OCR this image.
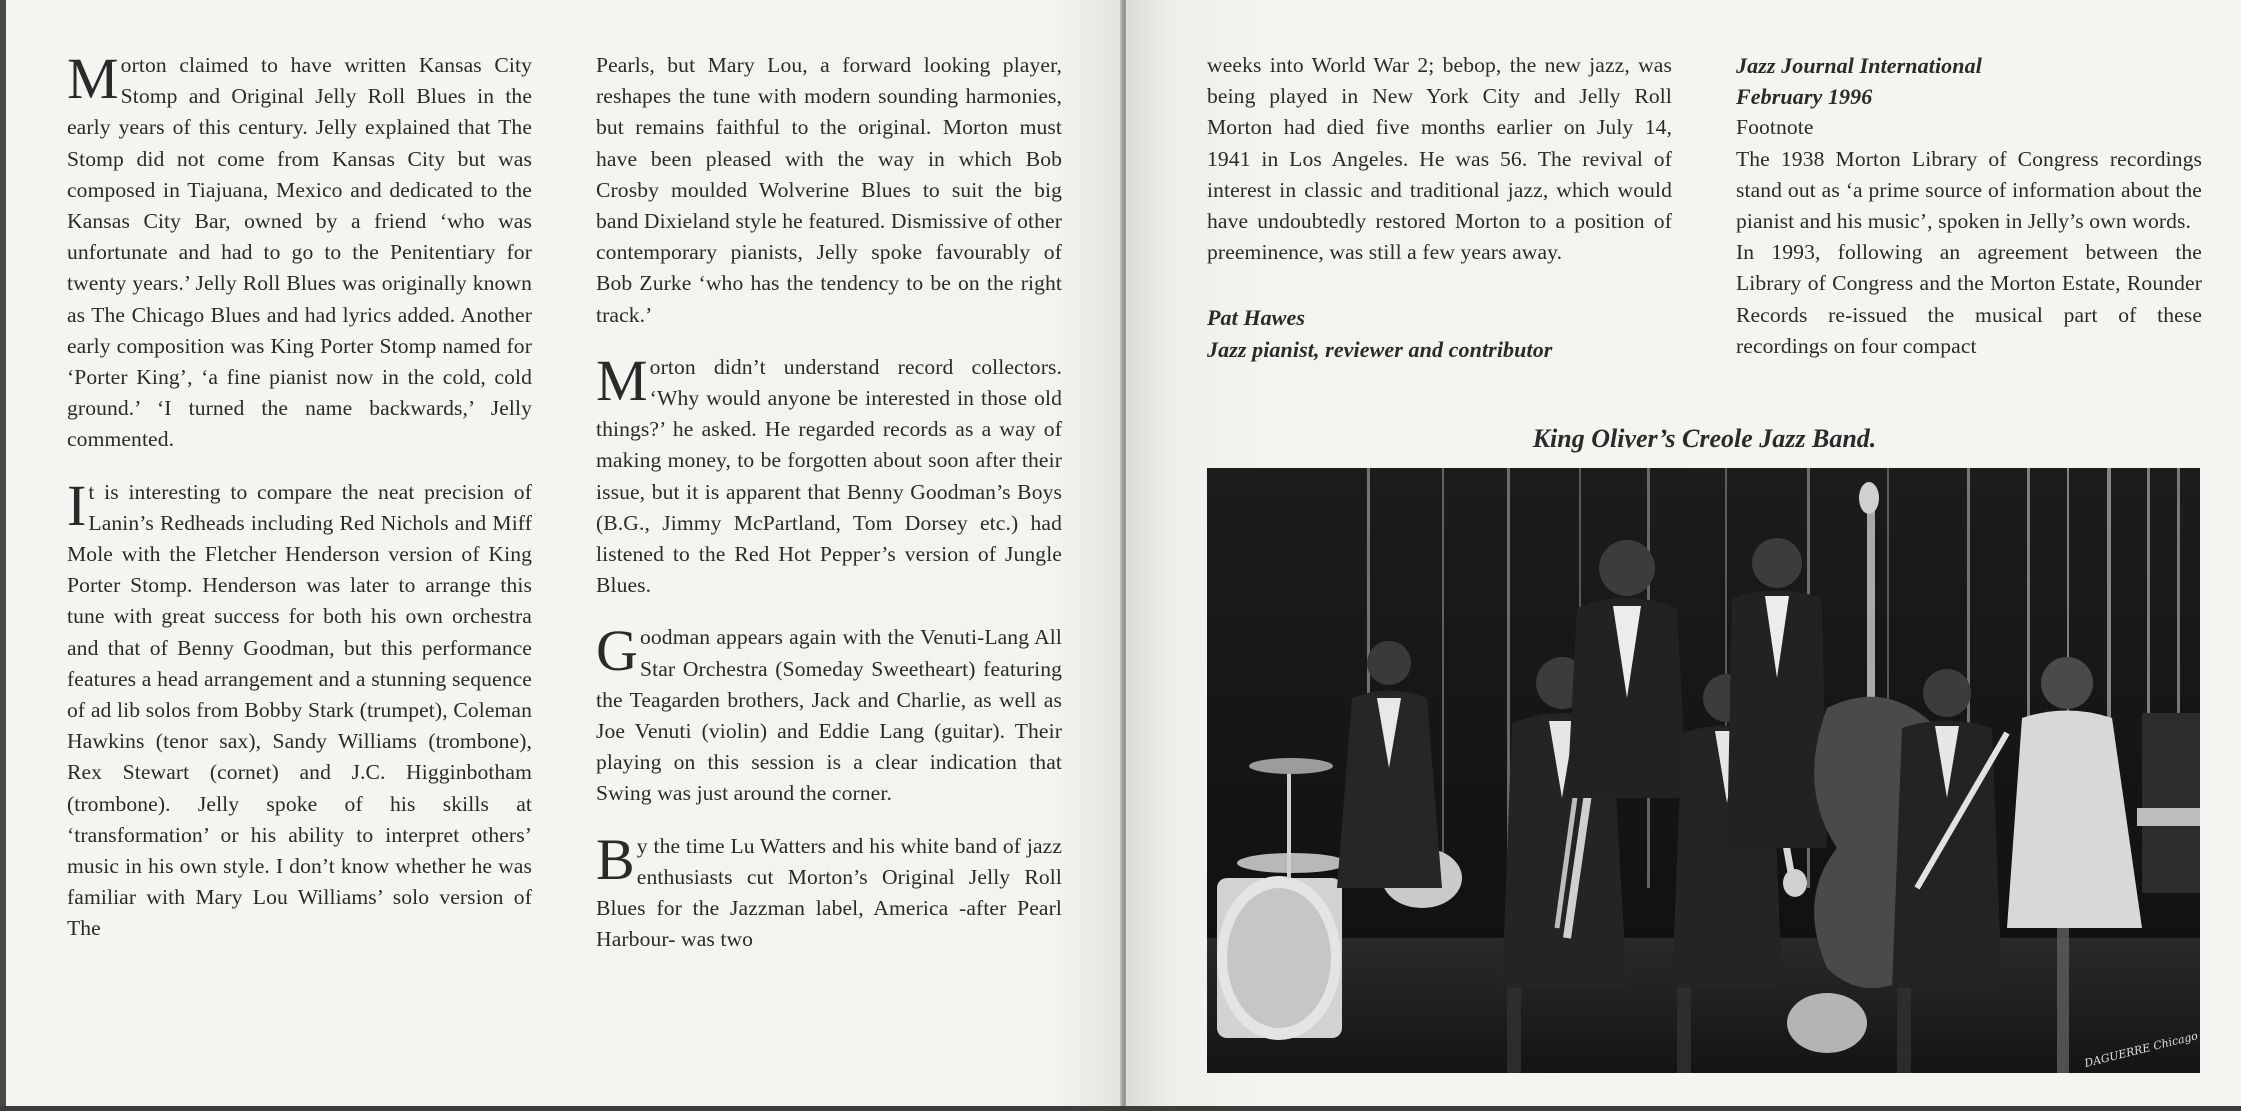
Morton claimed to have written Kansas City Stomp and Original Jelly Roll Blues in the early years of this century. Jelly explained that The Stomp did not come from Kansas City but was composed in Tiajuana, Mexico and dedicated to the Kansas City Bar, owned by a friend ‘who was unfortunate and had to go to the Penitentiary for twenty years.’ Jelly Roll Blues was originally known as The Chicago Blues and had lyrics added. Another early composition was King Porter Stomp named for ‘Porter King’, ‘a fine pianist now in the cold, cold ground.’ ‘I turned the name backwards,’ Jelly commented.

It is interesting to compare the neat precision of Lanin’s Redheads including Red Nichols and Miff Mole with the Fletcher Henderson version of King Porter Stomp. Henderson was later to arrange this tune with great success for both his own orchestra and that of Benny Goodman, but this performance features a head arrangement and a stunning sequence of ad lib solos from Bobby Stark (trumpet), Coleman Hawkins (tenor sax), Sandy Williams (trombone), Rex Stewart (cornet) and J.C. Higginbotham (trombone). Jelly spoke of his skills at ‘transformation’ or his ability to interpret others’ music in his own style. I don’t know whether he was familiar with Mary Lou Williams’ solo version of The

Pearls, but Mary Lou, a forward looking player, reshapes the tune with modern sounding harmonies, but remains faithful to the original. Morton must have been pleased with the way in which Bob Crosby moulded Wolverine Blues to suit the big band Dixieland style he featured. Dismissive of other contemporary pianists, Jelly spoke favourably of Bob Zurke ‘who has the tendency to be on the right track.’

Morton didn’t understand record collectors. ‘Why would anyone be interested in those old things?’ he asked. He regarded records as a way of making money, to be forgotten about soon after their issue, but it is apparent that Benny Goodman’s Boys (B.G., Jimmy McPartland, Tom Dorsey etc.) had listened to the Red Hot Pepper’s version of Jungle Blues.

Goodman appears again with the Venuti-Lang All Star Orchestra (Someday Sweetheart) featuring the Teagarden brothers, Jack and Charlie, as well as Joe Venuti (violin) and Eddie Lang (guitar). Their playing on this session is a clear indication that Swing was just around the corner.

By the time Lu Watters and his white band of jazz enthusiasts cut Morton’s Original Jelly Roll Blues for the Jazzman label, America -after Pearl Harbour- was two

weeks into World War 2; bebop, the new jazz, was being played in New York City and Jelly Roll Morton had died five months earlier on July 14, 1941 in Los Angeles. He was 56. The revival of interest in classic and traditional jazz, which would have undoubtedly restored Morton to a position of preeminence, was still a few years away.

Pat Hawes
Jazz pianist, reviewer and contributor
Jazz Journal International
February 1996
Footnote
The 1938 Morton Library of Congress recordings stand out as ‘a prime source of information about the pianist and his music’, spoken in Jelly’s own words.
In 1993, following an agreement between the Library of Congress and the Morton Estate, Rounder Records re-issued the musical part of these recordings on four compact
King Oliver’s Creole Jazz Band.
DAGUERRE Chicago
